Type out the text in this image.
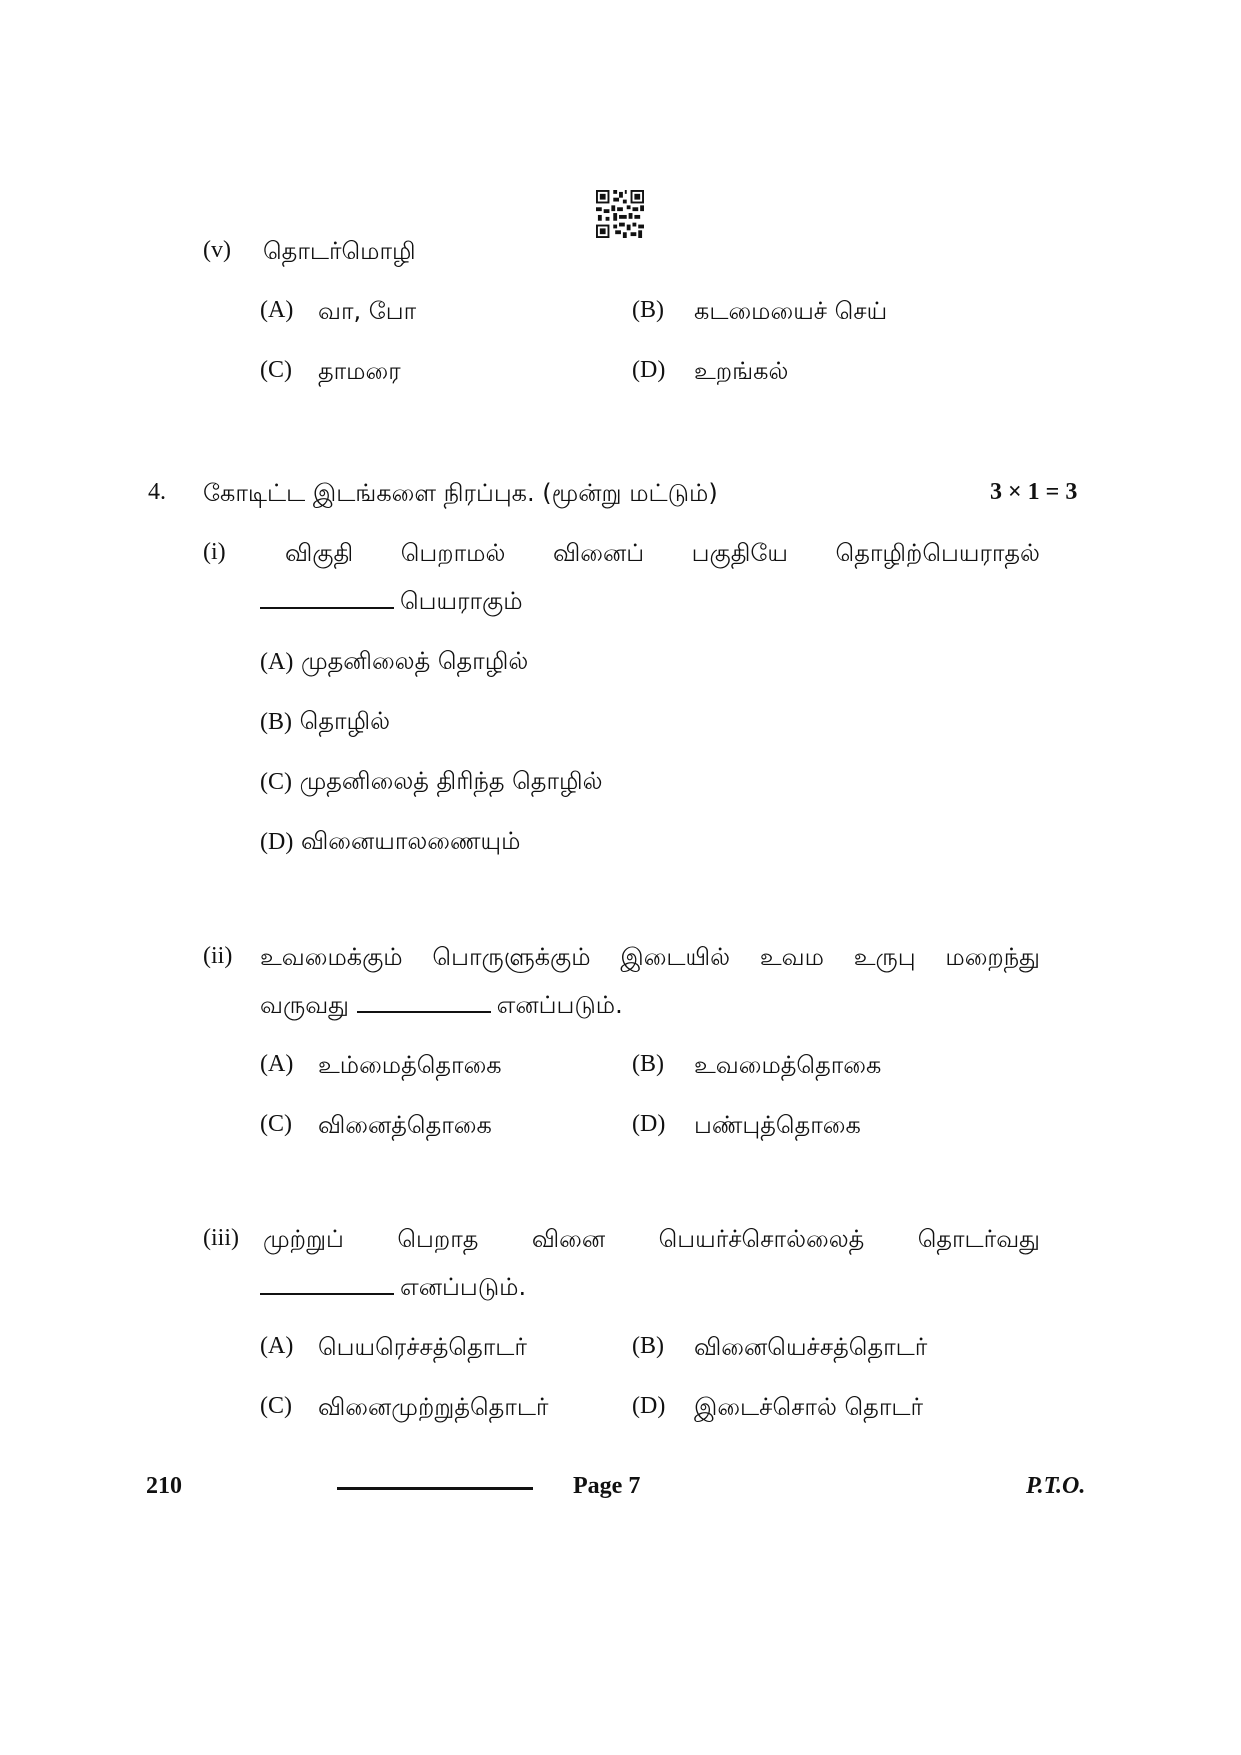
(v) தொடர்மொழி
(A) வா, போ	(B) கடமையைச் செய்
(C) தாமரை	(D) உறங்கல்
4. கோடிட்ட இடங்களை நிரப்புக. (மூன்று மட்டும்)	3 × 1 = 3
(i) விகுதி பெறாமல் வினைப் பகுதியே தொழிற்பெயராதல்
பெயராகும்
(A) முதனிலைத் தொழில்
(B) தொழில்
(C) முதனிலைத் திரிந்த தொழில்
(D) வினையாலணையும்
(ii) உவமைக்கும் பொருளுக்கும் இடையில் உவம உருபு மறைந்து
வருவது	எனப்படும்.
(A) உம்மைத்தொகை	(B) உவமைத்தொகை
(C) வினைத்தொகை	(D) பண்புத்தொகை
(iii) முற்றுப் பெறாத வினை பெயர்ச்சொல்லைத் தொடர்வது
எனப்படும்.
(A) பெயரெச்சத்தொடர்	(B) வினையெச்சத்தொடர்
(C) வினைமுற்றுத்தொடர்	(D) இடைச்சொல் தொடர்
210	Page 7	P.T.O.
